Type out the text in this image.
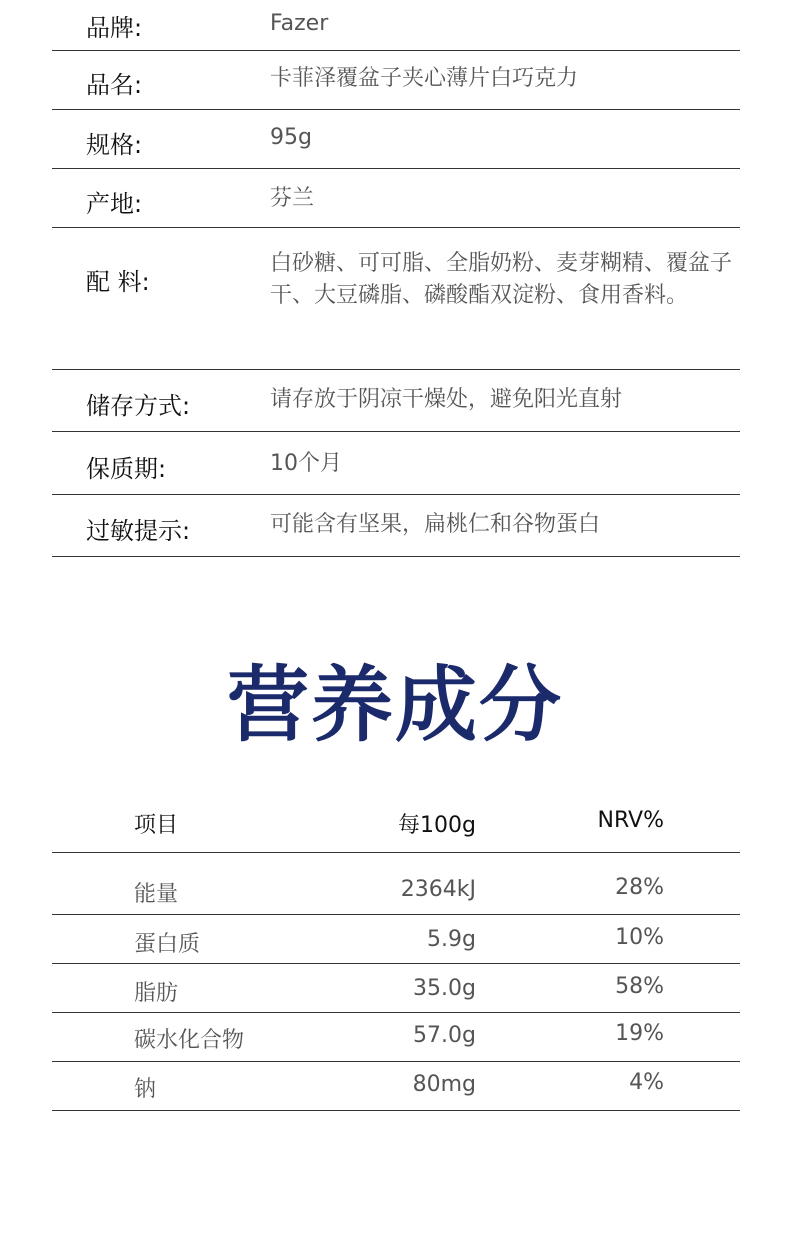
品牌:	Fazer
品名:	卡菲泽覆盆子夹心薄片白巧克力
规格:	95g
产地:	芬兰
配 料:
白砂糖、可可脂、全脂奶粉、麦芽糊精、覆盆子干、大豆磷脂、磷酸酯双淀粉、食用香料。
储存方式:	请存放于阴凉干燥处，避免阳光直射
保质期:	10个月
过敏提示:	可能含有坚果，扁桃仁和谷物蛋白
营养成分
项目	每100g	NRV%
能量	2364kJ	28%
蛋白质	5.9g	10%
脂肪	35.0g	58%
碳水化合物	57.0g	19%
钠	80mg	4%
